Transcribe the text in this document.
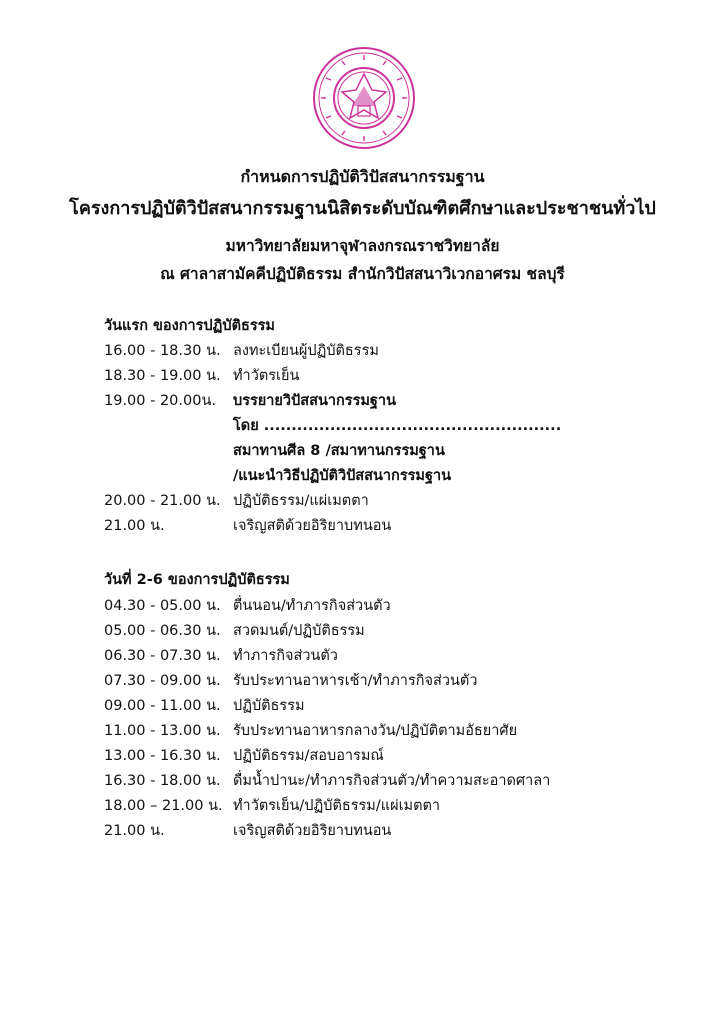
กำหนดการปฏิบัติวิปัสสนากรรมฐาน
โครงการปฏิบัติวิปัสสนากรรมฐานนิสิตระดับบัณฑิตศึกษาและประชาชนทั่วไป
มหาวิทยาลัยมหาจุฬาลงกรณราชวิทยาลัย
ณ ศาลาสามัคคีปฏิบัติธรรม สำนักวิปัสสนาวิเวกอาศรม ชลบุรี
วันแรก ของการปฏิบัติธรรม
16.00 - 18.30 น. ลงทะเบียนผู้ปฏิบัติธรรม
18.30 - 19.00 น. ทำวัตรเย็น
19.00 - 20.00น. บรรยายวิปัสสนากรรมฐาน
โดย ......................................................
สมาทานศีล 8 /สมาทานกรรมฐาน
/แนะนำวิธีปฏิบัติวิปัสสนากรรมฐาน
20.00 - 21.00 น. ปฏิบัติธรรม/แผ่เมตตา
21.00 น.	เจริญสติด้วยอิริยาบทนอน
วันที่ 2-6 ของการปฏิบัติธรรม
04.30 - 05.00 น. ตื่นนอน/ทำภารกิจส่วนตัว
05.00 - 06.30 น. สวดมนต์/ปฏิบัติธรรม
06.30 - 07.30 น. ทำภารกิจส่วนตัว
07.30 - 09.00 น. รับประทานอาหารเช้า/ทำภารกิจส่วนตัว
09.00 - 11.00 น. ปฏิบัติธรรม
11.00 - 13.00 น. รับประทานอาหารกลางวัน/ปฏิบัติตามอัธยาศัย
13.00 - 16.30 น. ปฏิบัติธรรม/สอบอารมณ์
16.30 - 18.00 น. ดื่มน้ำปานะ/ทำภารกิจส่วนตัว/ทำความสะอาดศาลา
18.00 – 21.00 น. ทำวัตรเย็น/ปฏิบัติธรรม/แผ่เมตตา
21.00 น.	เจริญสติด้วยอิริยาบทนอน
